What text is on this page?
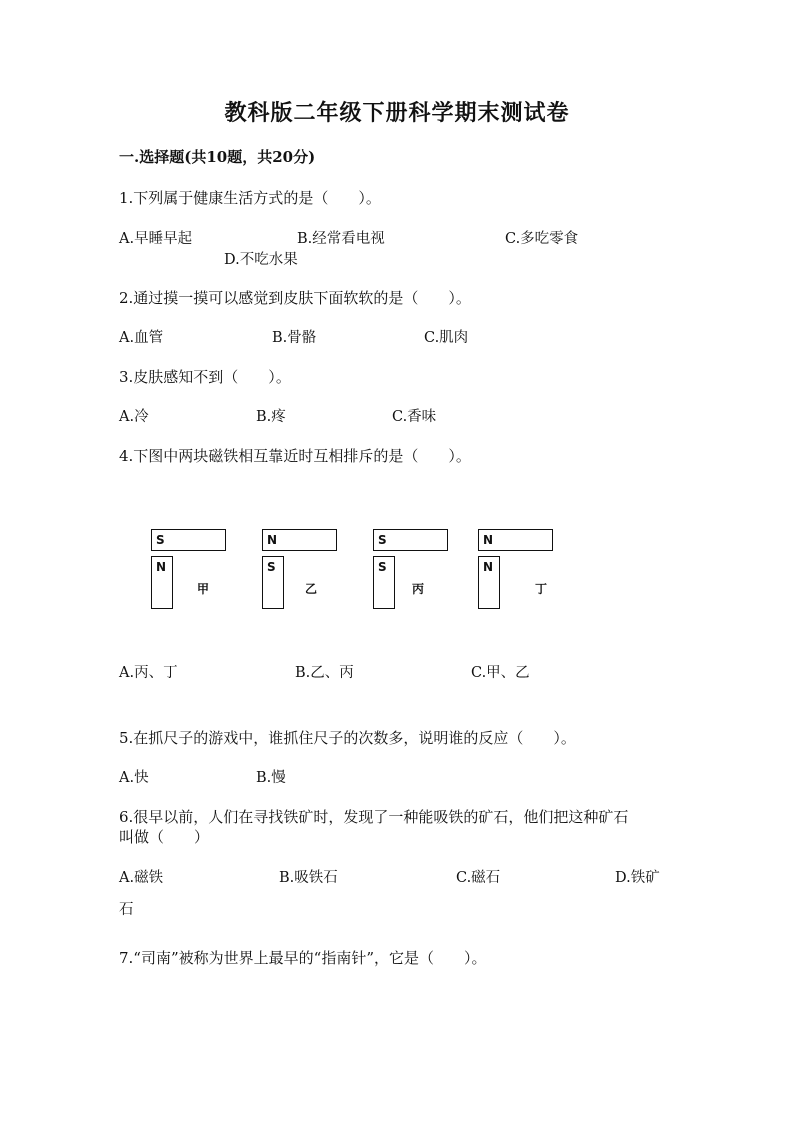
教科版二年级下册科学期末测试卷
一.选择题(共10题，共20分)
1.下列属于健康生活方式的是（　　）。
A.早睡早起	B.经常看电视	C.多吃零食
D.不吃水果
2.通过摸一摸可以感觉到皮肤下面软软的是（　　）。
A.血管	B.骨骼	C.肌肉
3.皮肤感知不到（　　）。
A.冷	B.疼	C.香味
4.下图中两块磁铁相互靠近时互相排斥的是（　　）。
S
N
甲
N
S
乙
S
S
丙
N
N
丁
A.丙、丁	B.乙、丙	C.甲、乙
5.在抓尺子的游戏中，谁抓住尺子的次数多，说明谁的反应（　　）。
A.快	B.慢
6.很早以前，人们在寻找铁矿时，发现了一种能吸铁的矿石，他们把这种矿石
叫做（　　）
A.磁铁	B.吸铁石	C.磁石	D.铁矿
石
7.“司南”被称为世界上最早的“指南针”，它是（　　）。
